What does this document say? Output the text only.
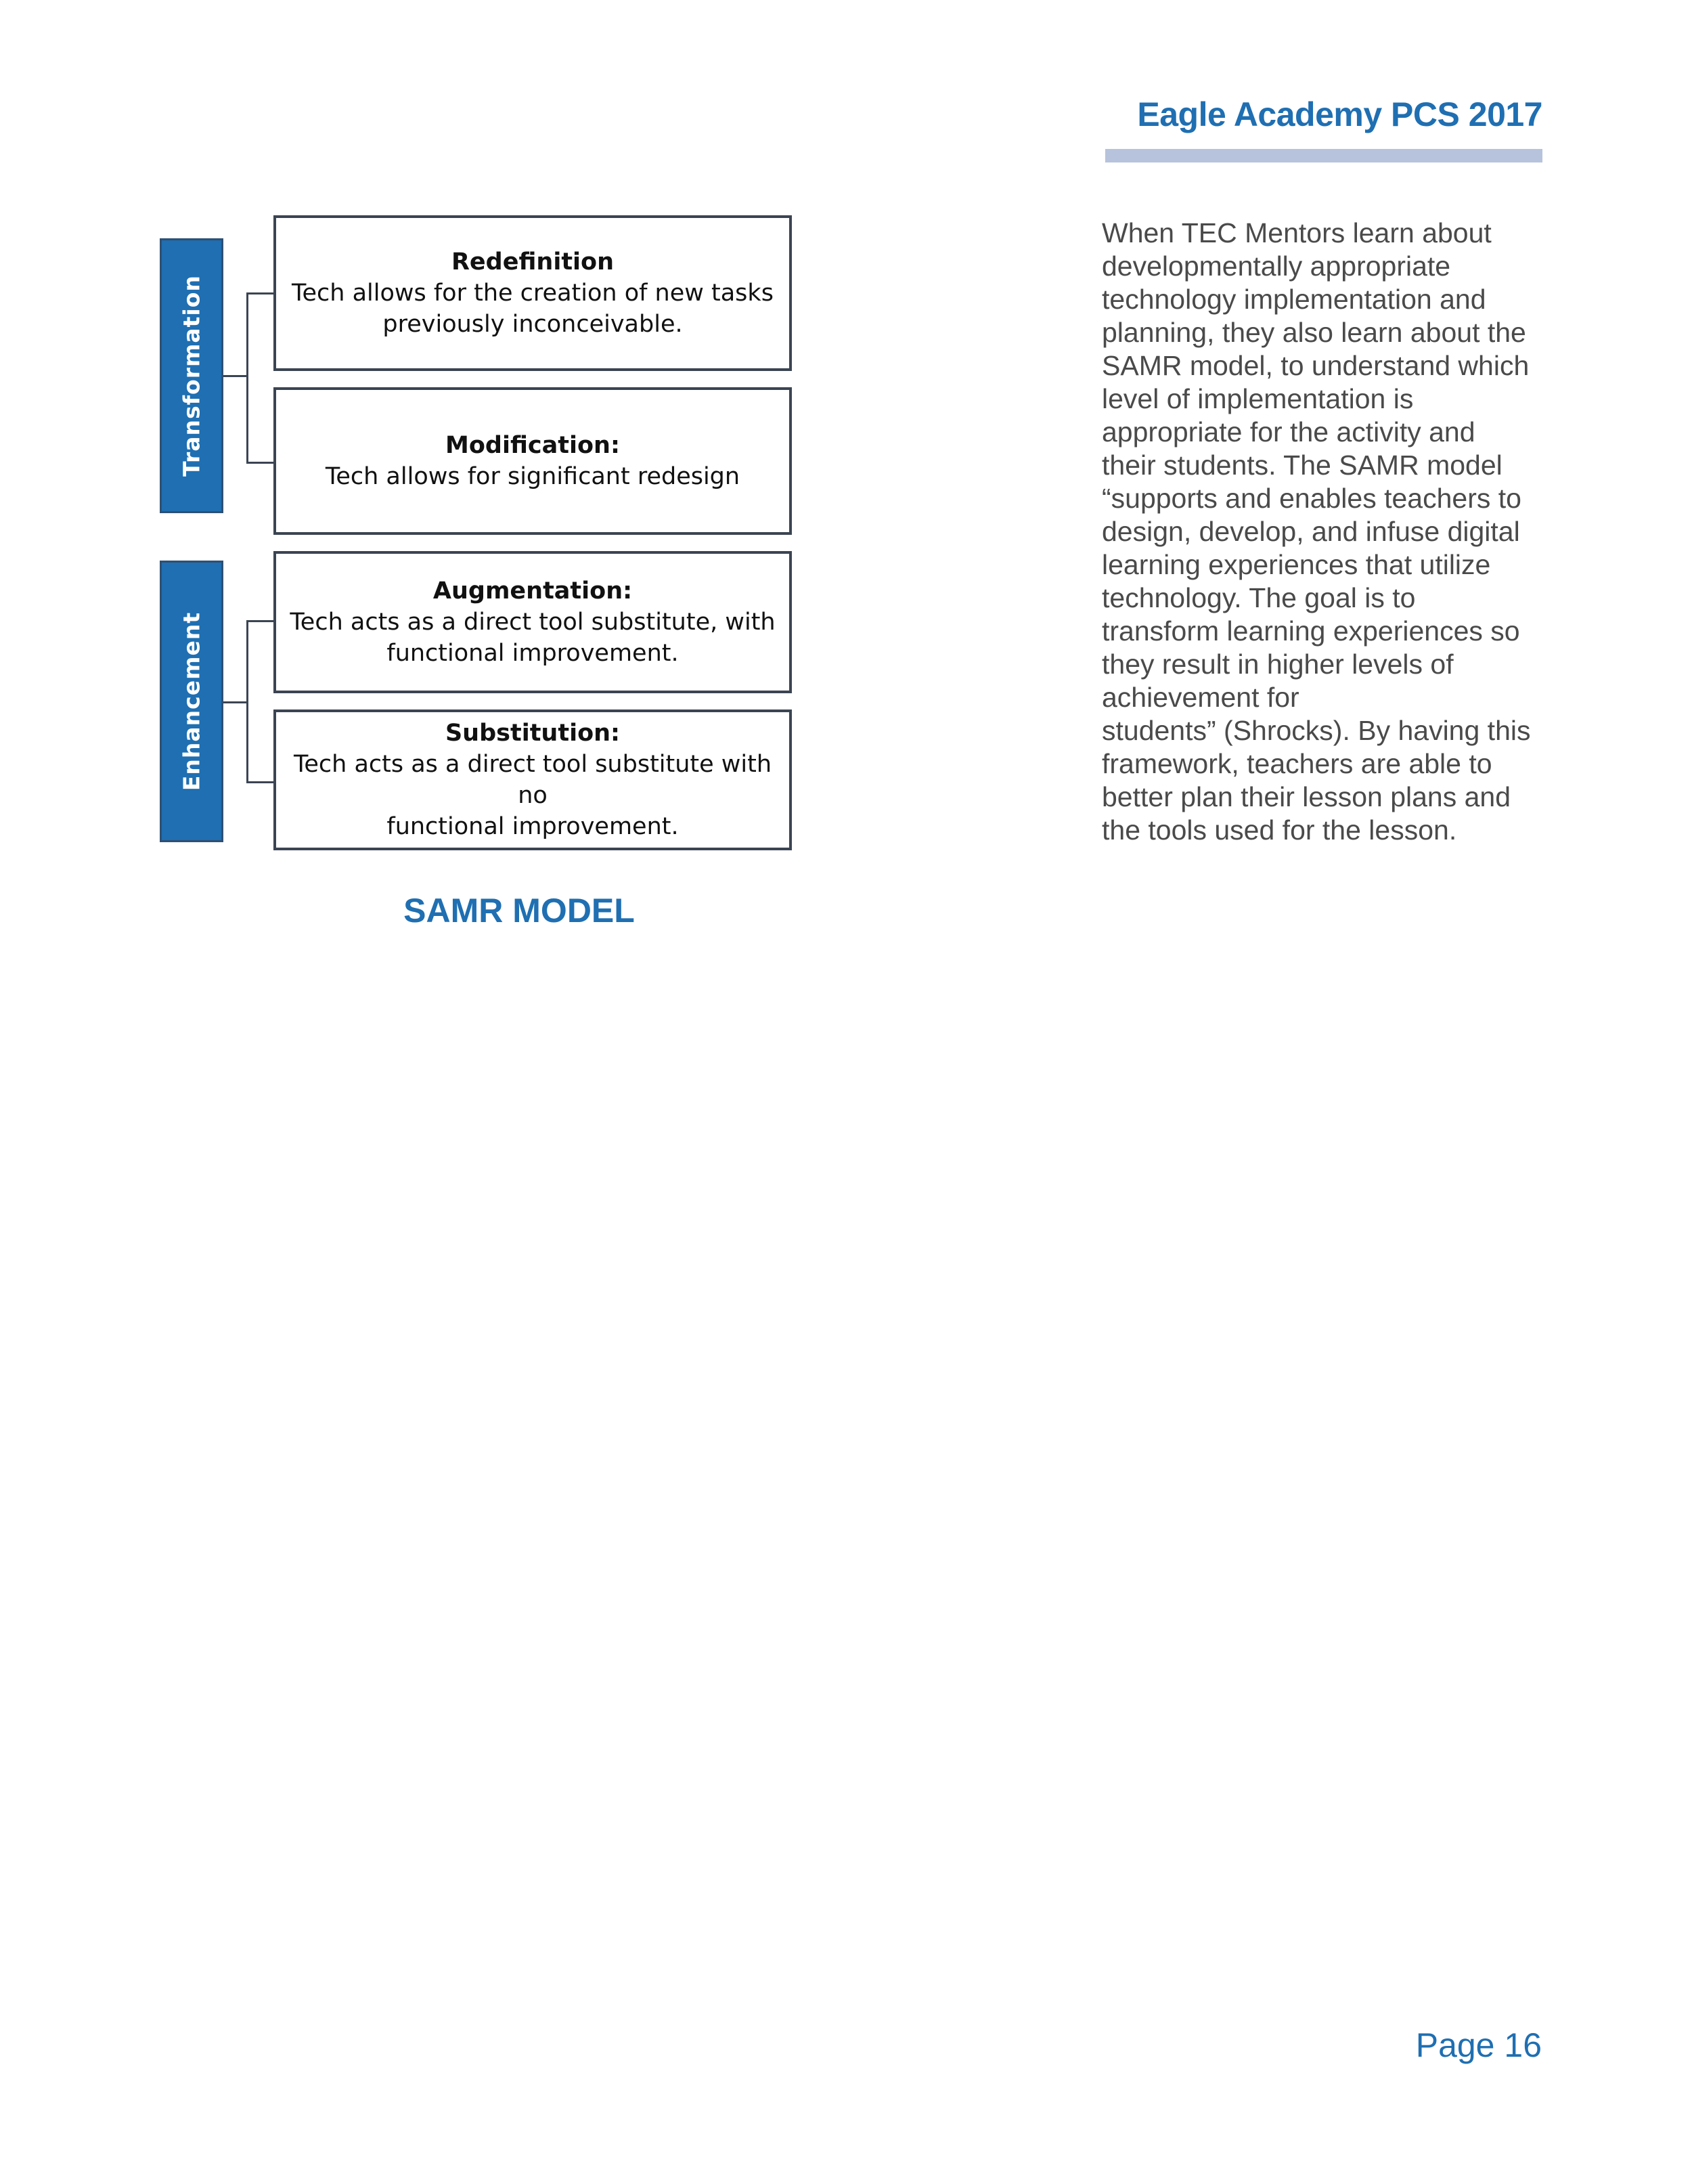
Eagle Academy PCS 2017
Transformation
Enhancement
Redefinition
Tech allows for the creation of new tasks
previously inconceivable.
Modification:
Tech allows for significant redesign
Augmentation:
Tech acts as a direct tool substitute, with
functional improvement.
Substitution:
Tech acts as a direct tool substitute with no
functional improvement.
SAMR MODEL
When TEC Mentors learn about
developmentally appropriate
technology implementation and
planning, they also learn about the
SAMR model, to understand which
level of implementation is
appropriate for the activity and
their students. The SAMR model
“supports and enables teachers to
design, develop, and infuse digital
learning experiences that utilize
technology. The goal is to
transform learning experiences so
they result in higher levels of
achievement for
students” (Shrocks). By having this
framework, teachers are able to
better plan their lesson plans and
the tools used for the lesson.
Page 16
